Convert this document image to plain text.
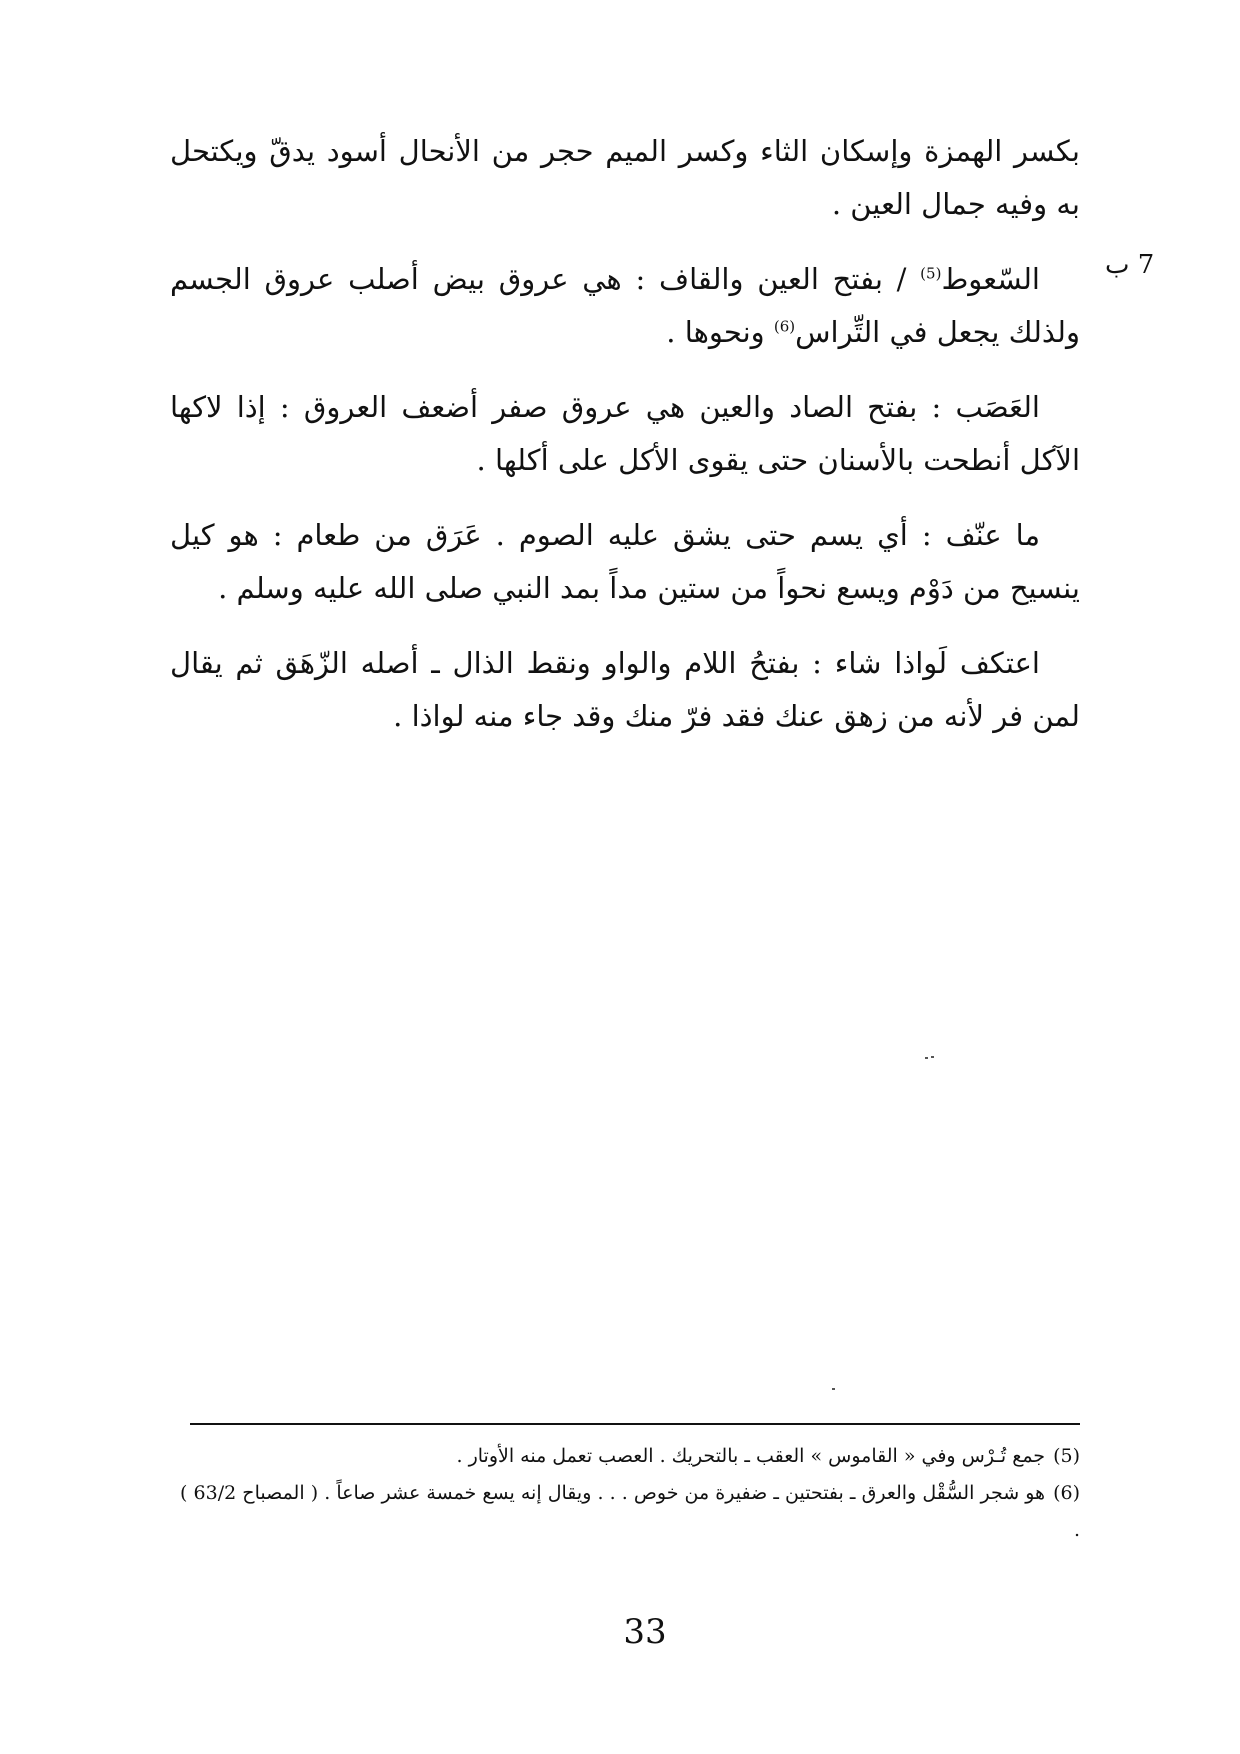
7 ب

بكسر الهمزة وإسكان الثاء وكسر الميم حجر من الأنحال أسود يدقّ ويكتحل به وفيه جمال العين .

السّعوط$^{(5)}$ / بفتح العين والقاف : هي عروق بيض أصلب عروق الجسم ولذلك يجعل في التِّراس$^{(6)}$ ونحوها .

العَصَب : بفتح الصاد والعين هي عروق صفر أضعف العروق : إذا لاكها الآكل أنطحت بالأسنان حتى يقوى الأكل على أكلها .

ما عنّف : أي يسم حتى يشق عليه الصوم . عَرَق من طعام : هو كيل ينسيح من دَوْم ويسع نحواً من ستين مداً بمد النبي صلى الله عليه وسلم .

اعتكف لَواذا شاء : بفتحُ اللام والواو ونقط الذال ـ أصله الزّهَق ثم يقال لمن فر لأنه من زهق عنك فقد فرّ منك وقد جاء منه لواذا .

(5)جمع تُـرْس وفي « القاموس » العقب ـ بالتحريك . العصب تعمل منه الأوتار .

(6)هو شجر السُّقْل والعرق ـ بفتحتين ـ ضفيرة من خوص . . . ويقال إنه يسع خمسة عشر صاعاً . ( المصباح 63/2 ) .

33
